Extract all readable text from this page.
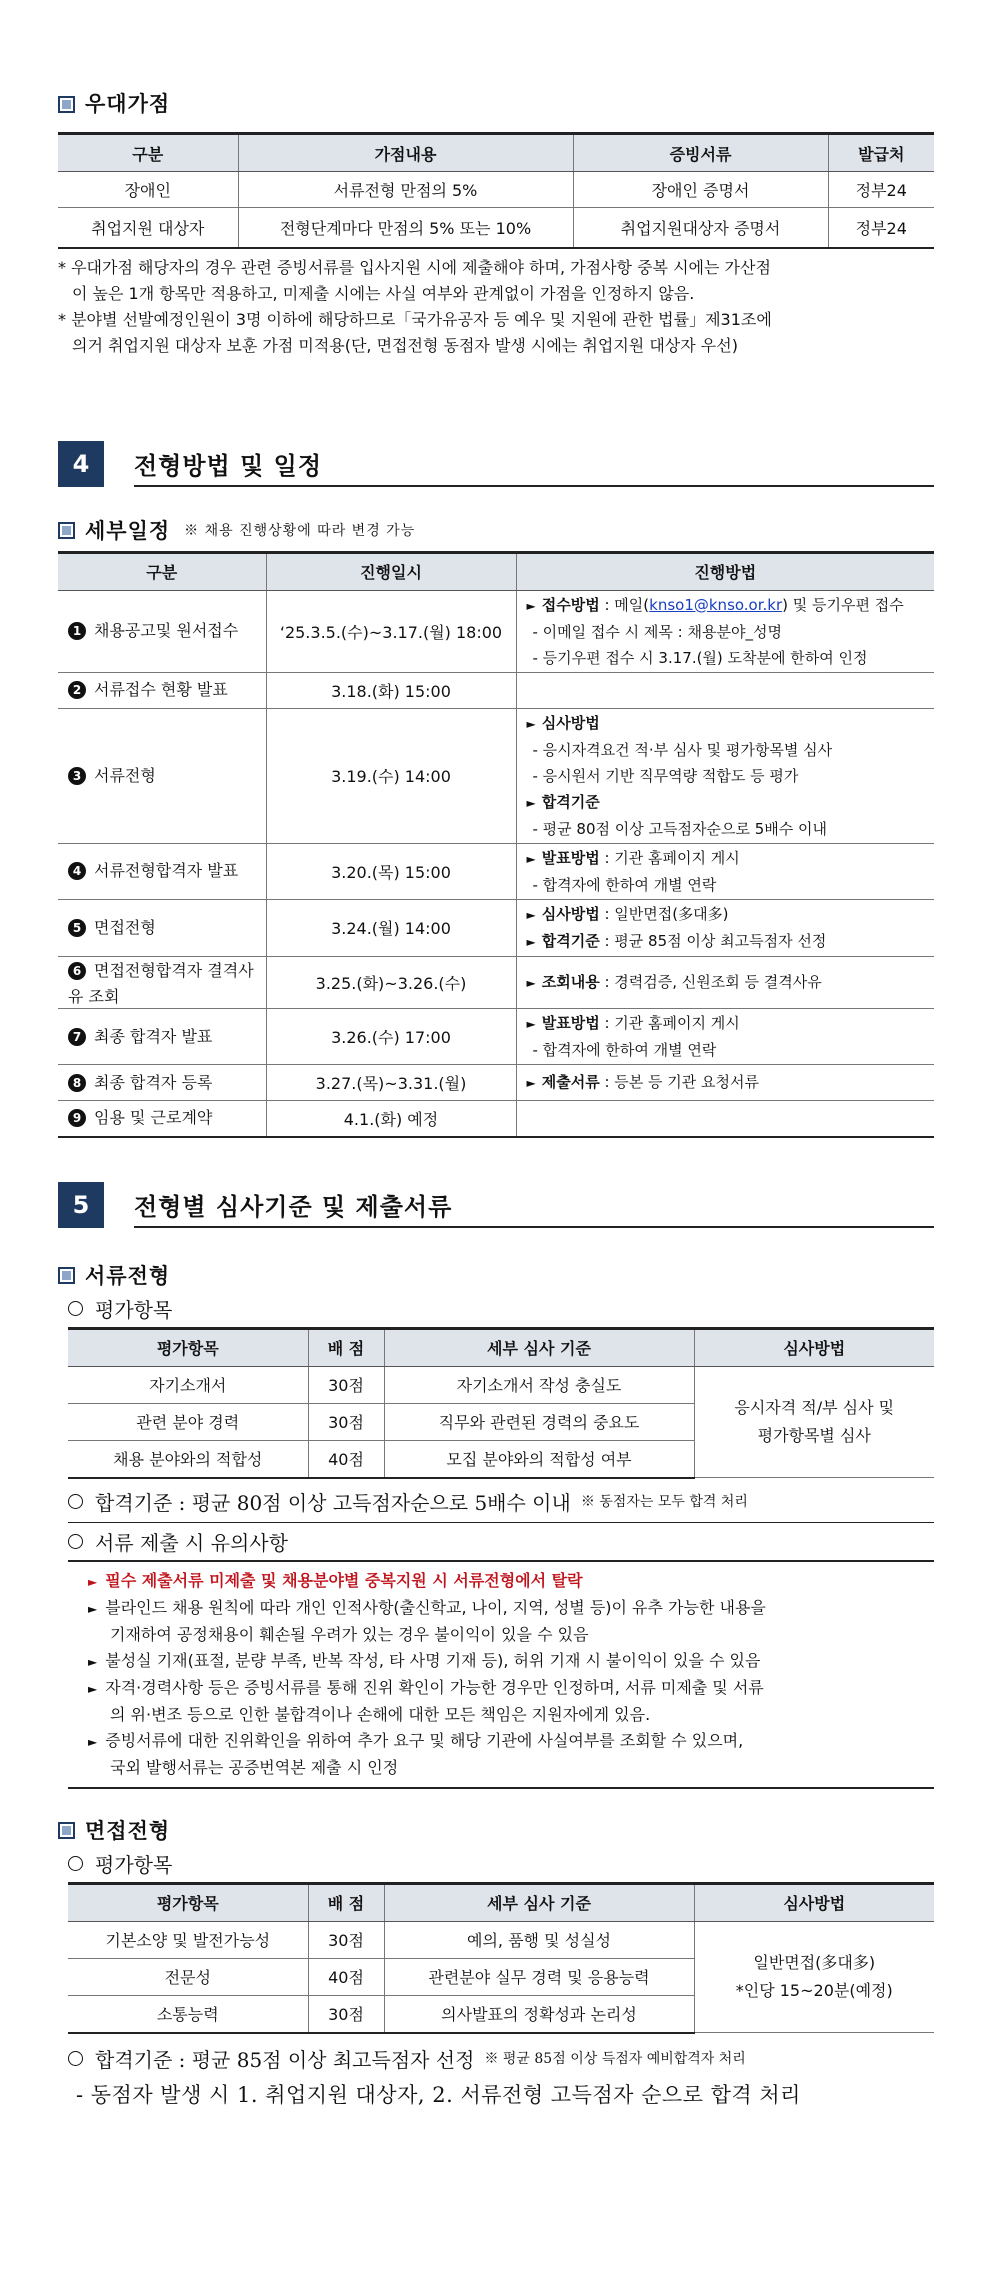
우대가점
구분	가점내용	증빙서류	발급처
장애인	서류전형 만점의 5%	장애인 증명서	정부24
취업지원 대상자	전형단계마다 만점의 5% 또는 10%	취업지원대상자 증명서	정부24

* 우대가점 해당자의 경우 관련 증빙서류를 입사지원 시에 제출해야 하며, 가점사항 중복 시에는 가산점

이 높은 1개 항목만 적용하고, 미제출 시에는 사실 여부와 관계없이 가점을 인정하지 않음.

* 분야별 선발예정인원이 3명 이하에 해당하므로「국가유공자 등 예우 및 지원에 관한 법률」제31조에

의거 취업지원 대상자 보훈 가점 미적용(단, 면접전형 동점자 발생 시에는 취업지원 대상자 우선)

4	전형방법 및 일정
세부일정 ※ 채용 진행상황에 따라 변경 가능
구분	진행일시	진행방법
1 채용공고및 원서접수	‘25.3.5.(수)~3.17.(월) 18:00	► 접수방법 : 메일(knso1@knso.or.kr) 및 등기우편 접수
- 이메일 접수 시 제목 : 채용분야_성명
- 등기우편 접수 시 3.17.(월) 도착분에 한하여 인정

2 서류접수 현황 발표	3.18.(화) 15:00	
3 서류전형	3.19.(수) 14:00	► 심사방법
- 응시자격요건 적·부 심사 및 평가항목별 심사
- 응시원서 기반 직무역량 적합도 등 평가
► 합격기준
- 평균 80점 이상 고득점자순으로 5배수 이내

4 서류전형합격자 발표	3.20.(목) 15:00	► 발표방법 : 기관 홈페이지 게시
- 합격자에 한하여 개별 연락

5 면접전형	3.24.(월) 14:00	► 심사방법 : 일반면접(多대多)
► 합격기준 : 평균 85점 이상 최고득점자 선정

6 면접전형합격자 결격사유 조회	3.25.(화)~3.26.(수)	► 조회내용 : 경력검증, 신원조회 등 결격사유

7 최종 합격자 발표	3.26.(수) 17:00	► 발표방법 : 기관 홈페이지 게시
- 합격자에 한하여 개별 연락

8 최종 합격자 등록	3.27.(목)~3.31.(월)	► 제출서류 : 등본 등 기관 요청서류

9 임용 및 근로계약	4.1.(화) 예정	
5	전형별 심사기준 및 제출서류
서류전형
평가항목
평가항목	배 점	세부 심사 기준	심사방법
자기소개서	30점	자기소개서 작성 충실도	응시자격 적/부 심사 및
평가항목별 심사

관련 분야 경력	30점	직무와 관련된 경력의 중요도	
채용 분야와의 적합성	40점	모집 분야와의 적합성 여부	
합격기준 : 평균 80점 이상 고득점자순으로 5배수 이내 ※ 동점자는 모두 합격 처리
서류 제출 시 유의사항
► 필수 제출서류 미제출 및 채용분야별 중복지원 시 서류전형에서 탈락
► 블라인드 채용 원칙에 따라 개인 인적사항(출신학교, 나이, 지역, 성별 등)이 유추 가능한 내용을
기재하여 공정채용이 훼손될 우려가 있는 경우 불이익이 있을 수 있음
► 불성실 기재(표절, 분량 부족, 반복 작성, 타 사명 기재 등), 허위 기재 시 불이익이 있을 수 있음
► 자격·경력사항 등은 증빙서류를 통해 진위 확인이 가능한 경우만 인정하며, 서류 미제출 및 서류
의 위·변조 등으로 인한 불합격이나 손해에 대한 모든 책임은 지원자에게 있음.
► 증빙서류에 대한 진위확인을 위하여 추가 요구 및 해당 기관에 사실여부를 조회할 수 있으며,
국외 발행서류는 공증번역본 제출 시 인정
면접전형
평가항목
평가항목	배 점	세부 심사 기준	심사방법
기본소양 및 발전가능성	30점	예의, 품행 및 성실성	일반면접(多대多)
*인당 15~20분(예정)

전문성	40점	관련분야 실무 경력 및 응용능력	
소통능력	30점	의사발표의 정확성과 논리성	
합격기준 : 평균 85점 이상 최고득점자 선정 ※ 평균 85점 이상 득점자 예비합격자 처리
- 동점자 발생 시 1. 취업지원 대상자, 2. 서류전형 고득점자 순으로 합격 처리
